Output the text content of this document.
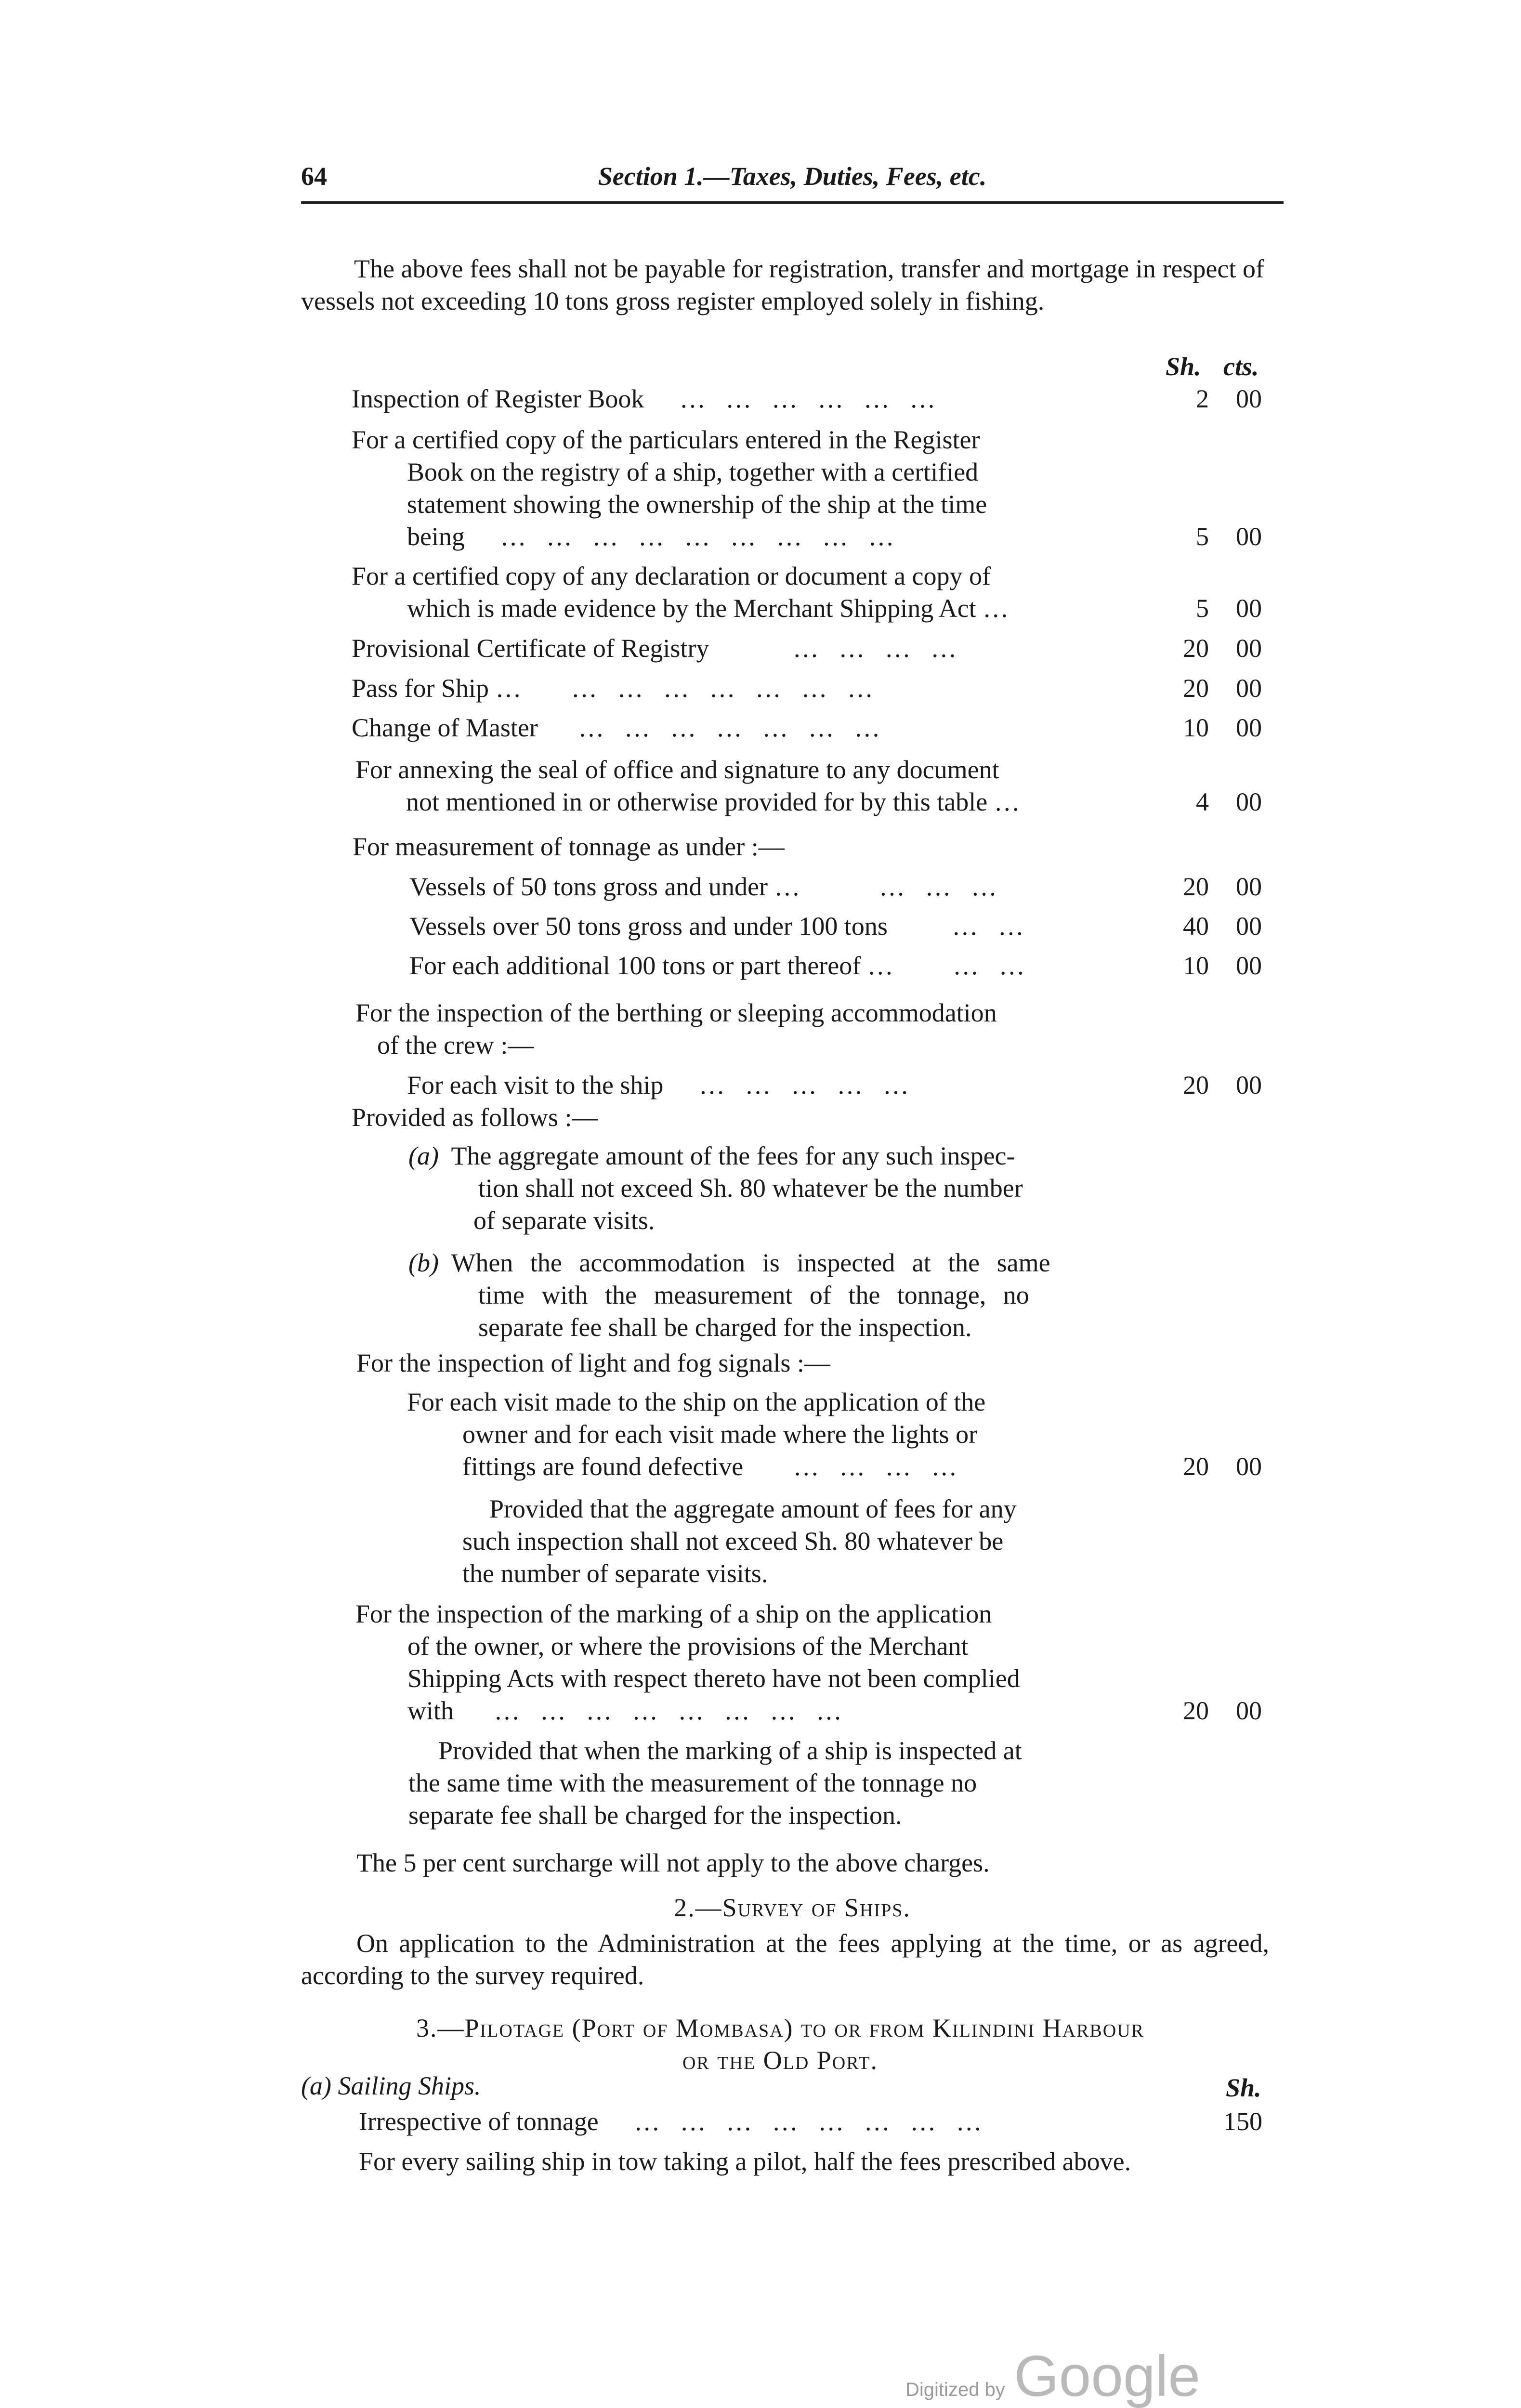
64	Section 1.—Taxes, Duties, Fees, etc.
The above fees shall not be payable for registration, transfer and mortgage in respect of vessels not exceeding 10 tons gross register employed solely in fishing.
Sh. cts.
Inspection of Register Book … … … … … …	2	00
For a certified copy of the particulars entered in the Register
Book on the registry of a ship, together with a certified
statement showing the ownership of the ship at the time
being … … … … … … … … …	5	00
For a certified copy of any declaration or document a copy of
which is made evidence by the Merchant Shipping Act …	5	00
Provisional Certificate of Registry	… … … …	20	00
Pass for Ship … … … … … … … …	20	00
Change of Master … … … … … … …	10	00
For annexing the seal of office and signature to any document
not mentioned in or otherwise provided for by this table …	4	00
For measurement of tonnage as under :—
Vessels of 50 tons gross and under …	… … …	20	00
Vessels over 50 tons gross and under 100 tons … …	40	00
For each additional 100 tons or part thereof … … …	10	00
For the inspection of the berthing or sleeping accommodation
of the crew :—
For each visit to the ship … … … … …	20	00
Provided as follows :—
(a) The aggregate amount of the fees for any such inspec-
tion shall not exceed Sh. 80 whatever be the number
of separate visits.
(b) When the accommodation is inspected at the same
time with the measurement of the tonnage, no
separate fee shall be charged for the inspection.
For the inspection of light and fog signals :—
For each visit made to the ship on the application of the
owner and for each visit made where the lights or
fittings are found defective … … … …	20	00
Provided that the aggregate amount of fees for any
such inspection shall not exceed Sh. 80 whatever be
the number of separate visits.
For the inspection of the marking of a ship on the application
of the owner, or where the provisions of the Merchant
Shipping Acts with respect thereto have not been complied
with … … … … … … … …	20	00
Provided that when the marking of a ship is inspected at
the same time with the measurement of the tonnage no
separate fee shall be charged for the inspection.
The 5 per cent surcharge will not apply to the above charges.
2.—Survey of Ships.
On application to the Administration at the fees applying at the time, or as agreed, according to the survey required.
3.—Pilotage (Port of Mombasa) to or from Kilindini Harbour
or the Old Port.
(a) Sailing Ships.	Sh.
Irrespective of tonnage … … … … … … … …	150
For every sailing ship in tow taking a pilot, half the fees prescribed above.
Digitized by Google
